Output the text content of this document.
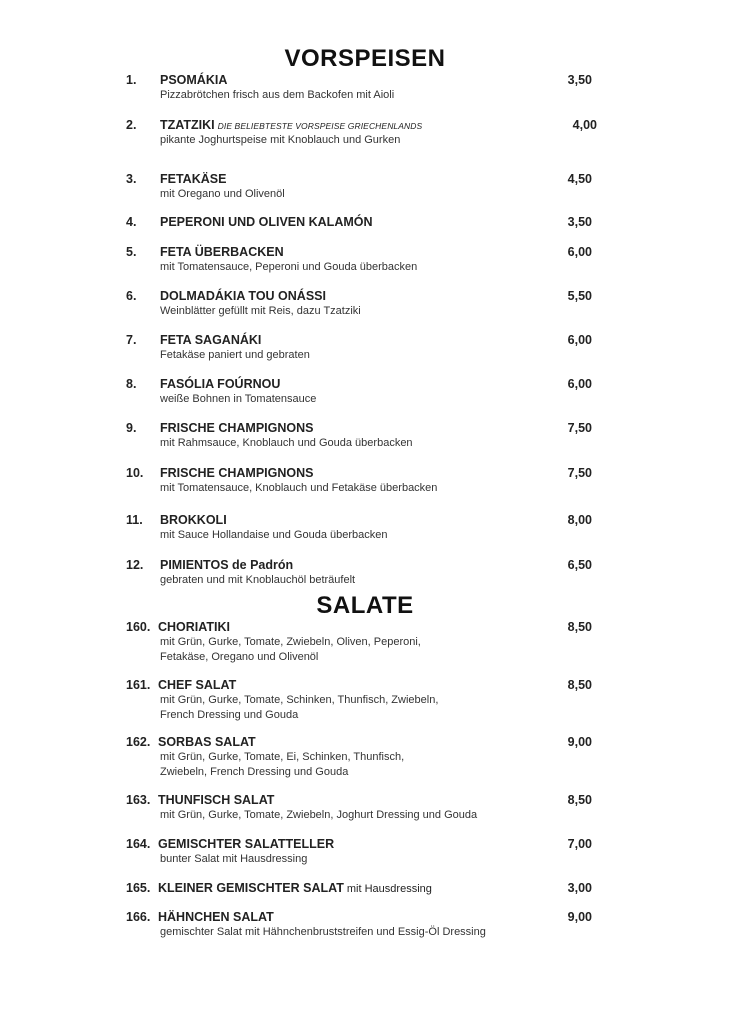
VORSPEISEN
1. PSOMÁKIA	3,50
Pizzabrötchen frisch aus dem Backofen mit Aioli
2. TZATZIKI DIE BELIEBTESTE VORSPEISE GRIECHENLANDS	4,00
pikante Joghurtspeise mit Knoblauch und Gurken
3. FETAKÄSE	4,50
mit Oregano und Olivenöl
4. PEPERONI UND OLIVEN KALAMÓN	3,50
5. FETA ÜBERBACKEN	6,00
mit Tomatensauce, Peperoni und Gouda überbacken
6. DOLMADÁKIA TOU ONÁSSI	5,50
Weinblätter gefüllt mit Reis, dazu Tzatziki
7. FETA SAGANÁKI	6,00
Fetakäse paniert und gebraten
8. FASÓLIA FOÚRNOU	6,00
weiße Bohnen in Tomatensauce
9. FRISCHE CHAMPIGNONS	7,50
mit Rahmsauce, Knoblauch und Gouda überbacken
10. FRISCHE CHAMPIGNONS	7,50
mit Tomatensauce, Knoblauch und Fetakäse überbacken
11. BROKKOLI	8,00
mit Sauce Hollandaise und Gouda überbacken
12. PIMIENTOS de Padrón	6,50
gebraten und mit Knoblauchöl beträufelt
SALATE
160. CHORIATIKI	8,50
mit Grün, Gurke, Tomate, Zwiebeln, Oliven, Peperoni,
Fetakäse, Oregano und Olivenöl
161. CHEF SALAT	8,50
mit Grün, Gurke, Tomate, Schinken, Thunfisch, Zwiebeln,
French Dressing und Gouda
162. SORBAS SALAT	9,00
mit Grün, Gurke, Tomate, Ei, Schinken, Thunfisch,
Zwiebeln, French Dressing und Gouda
163. THUNFISCH SALAT	8,50
mit Grün, Gurke, Tomate, Zwiebeln, Joghurt Dressing und Gouda
164. GEMISCHTER SALATTELLER	7,00
bunter Salat mit Hausdressing
165. KLEINER GEMISCHTER SALAT mit Hausdressing	3,00
166. HÄHNCHEN SALAT	9,00
gemischter Salat mit Hähnchenbruststreifen und Essig-Öl Dressing
